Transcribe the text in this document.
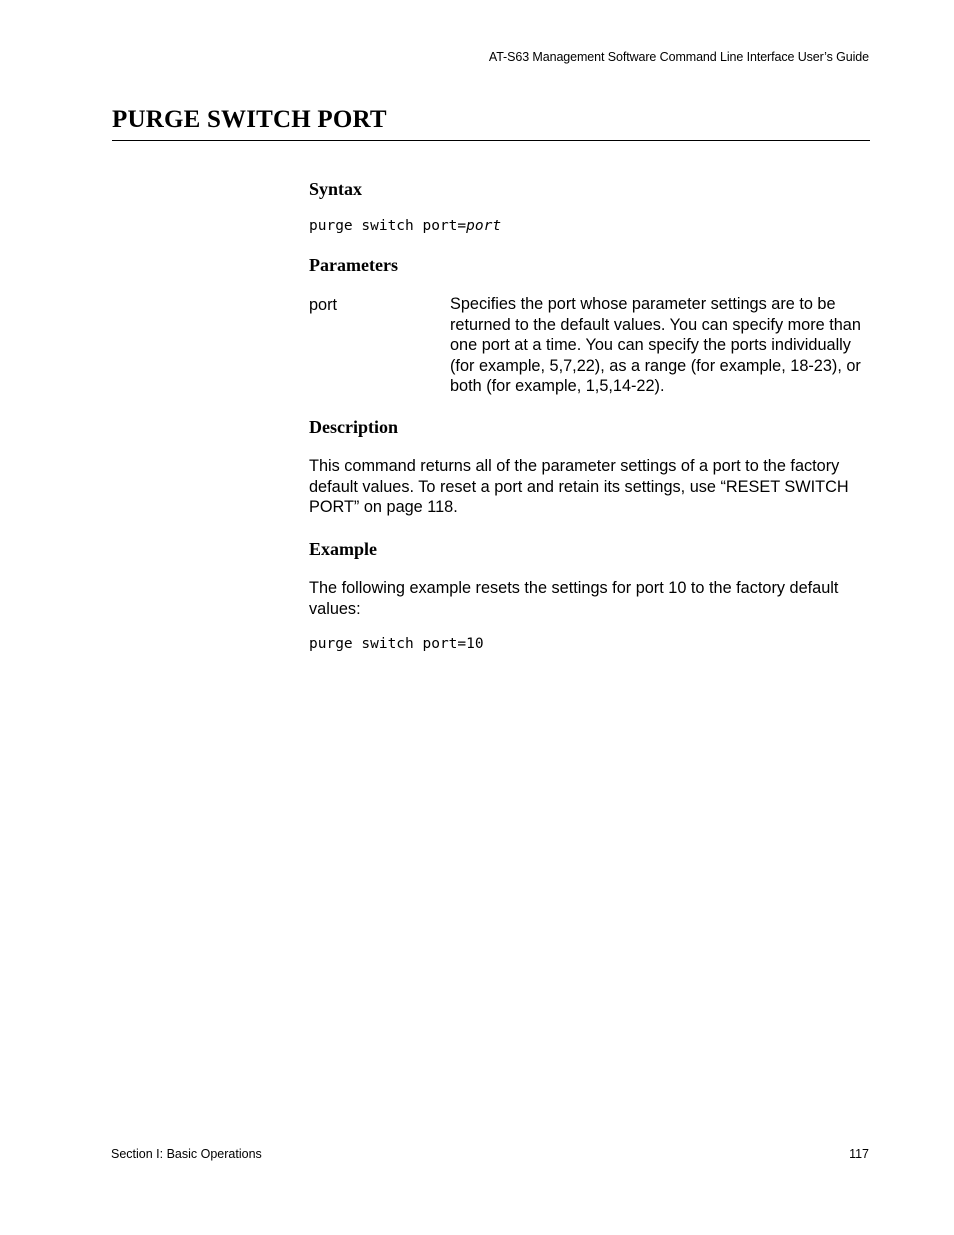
AT-S63 Management Software Command Line Interface User’s Guide
PURGE SWITCH PORT
Syntax
purge switch port=port
Parameters
port	Specifies the port whose parameter settings are to be returned to the default values. You can specify more than one port at a time. You can specify the ports individually (for example, 5,7,22), as a range (for example, 18-23), or both (for example, 1,5,14-22).

Description

This command returns all of the parameter settings of a port to the factory default values. To reset a port and retain its settings, use “RESET SWITCH PORT” on page 118.

Example

The following example resets the settings for port 10 to the factory default values:

purge switch port=10
Section I: Basic Operations	117
